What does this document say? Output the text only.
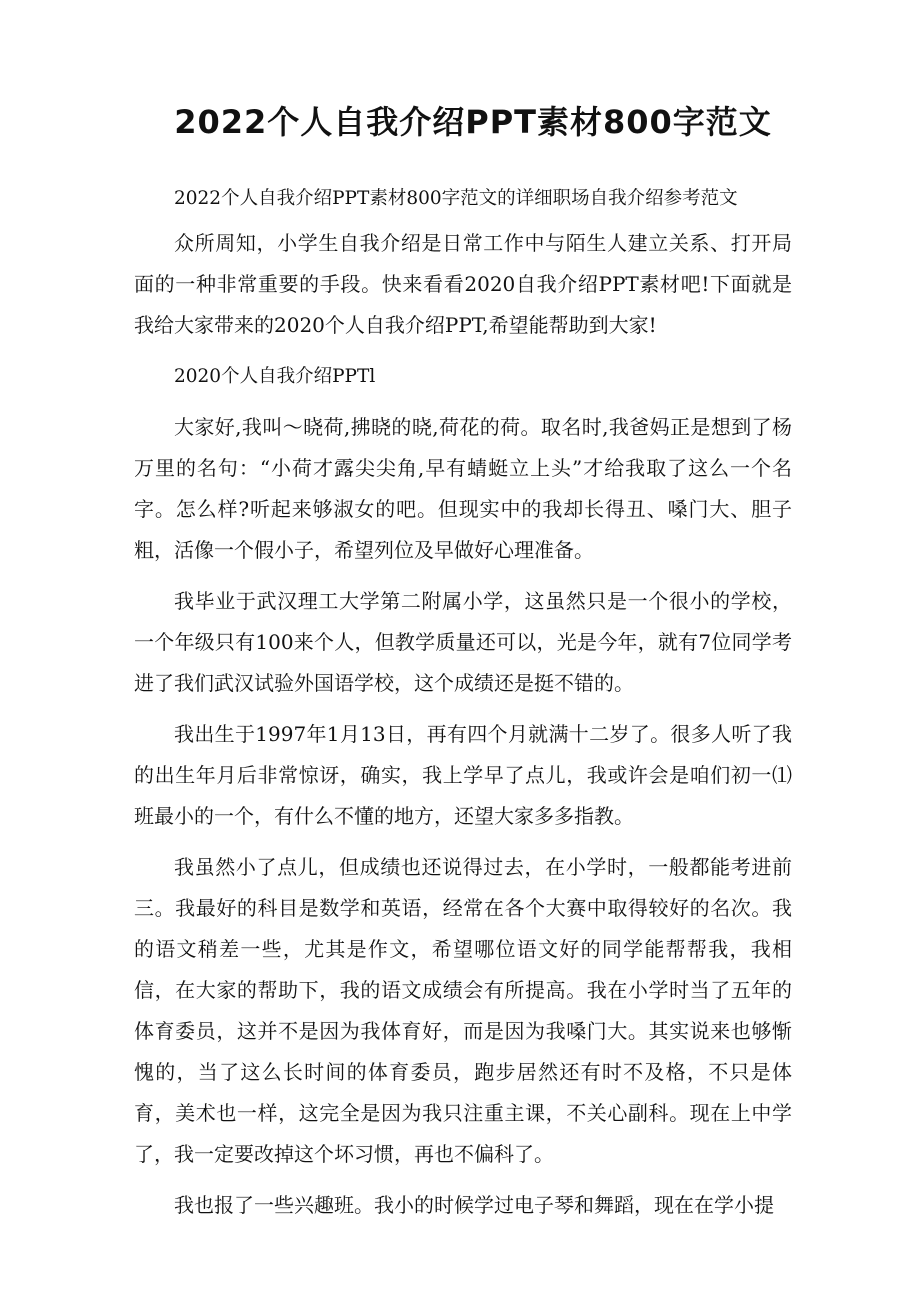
2022个人自我介绍PPT素材800字范文

2022个人自我介绍PPT素材800字范文的详细职场自我介绍参考范文

众所周知，小学生自我介绍是日常工作中与陌生人建立关系、打开局面的一种非常重要的手段。快来看看2020自我介绍PPT素材吧!下面就是我给大家带来的2020个人自我介绍PPT,希望能帮助到大家!

2020个人自我介绍PPTl

大家好,我叫～晓荷,拂晓的晓,荷花的荷。取名时,我爸妈正是想到了杨万里的名句：“小荷才露尖尖角,早有蜻蜓立上头”才给我取了这么一个名字。怎么样?听起来够淑女的吧。但现实中的我却长得丑、嗓门大、胆子粗，活像一个假小子，希望列位及早做好心理准备。

我毕业于武汉理工大学第二附属小学，这虽然只是一个很小的学校，一个年级只有100来个人，但教学质量还可以，光是今年，就有7位同学考进了我们武汉试验外国语学校，这个成绩还是挺不错的。

我出生于1997年1月13日，再有四个月就满十二岁了。很多人听了我的出生年月后非常惊讶，确实，我上学早了点儿，我或许会是咱们初一⑴班最小的一个，有什么不懂的地方，还望大家多多指教。

我虽然小了点儿，但成绩也还说得过去，在小学时，一般都能考进前三。我最好的科目是数学和英语，经常在各个大赛中取得较好的名次。我的语文稍差一些，尤其是作文，希望哪位语文好的同学能帮帮我，我相信，在大家的帮助下，我的语文成绩会有所提高。我在小学时当了五年的体育委员，这并不是因为我体育好，而是因为我嗓门大。其实说来也够惭愧的，当了这么长时间的体育委员，跑步居然还有时不及格，不只是体育，美术也一样，这完全是因为我只注重主课，不关心副科。现在上中学了，我一定要改掉这个坏习惯，再也不偏科了。

我也报了一些兴趣班。我小的时候学过电子琴和舞蹈，现在在学小提
